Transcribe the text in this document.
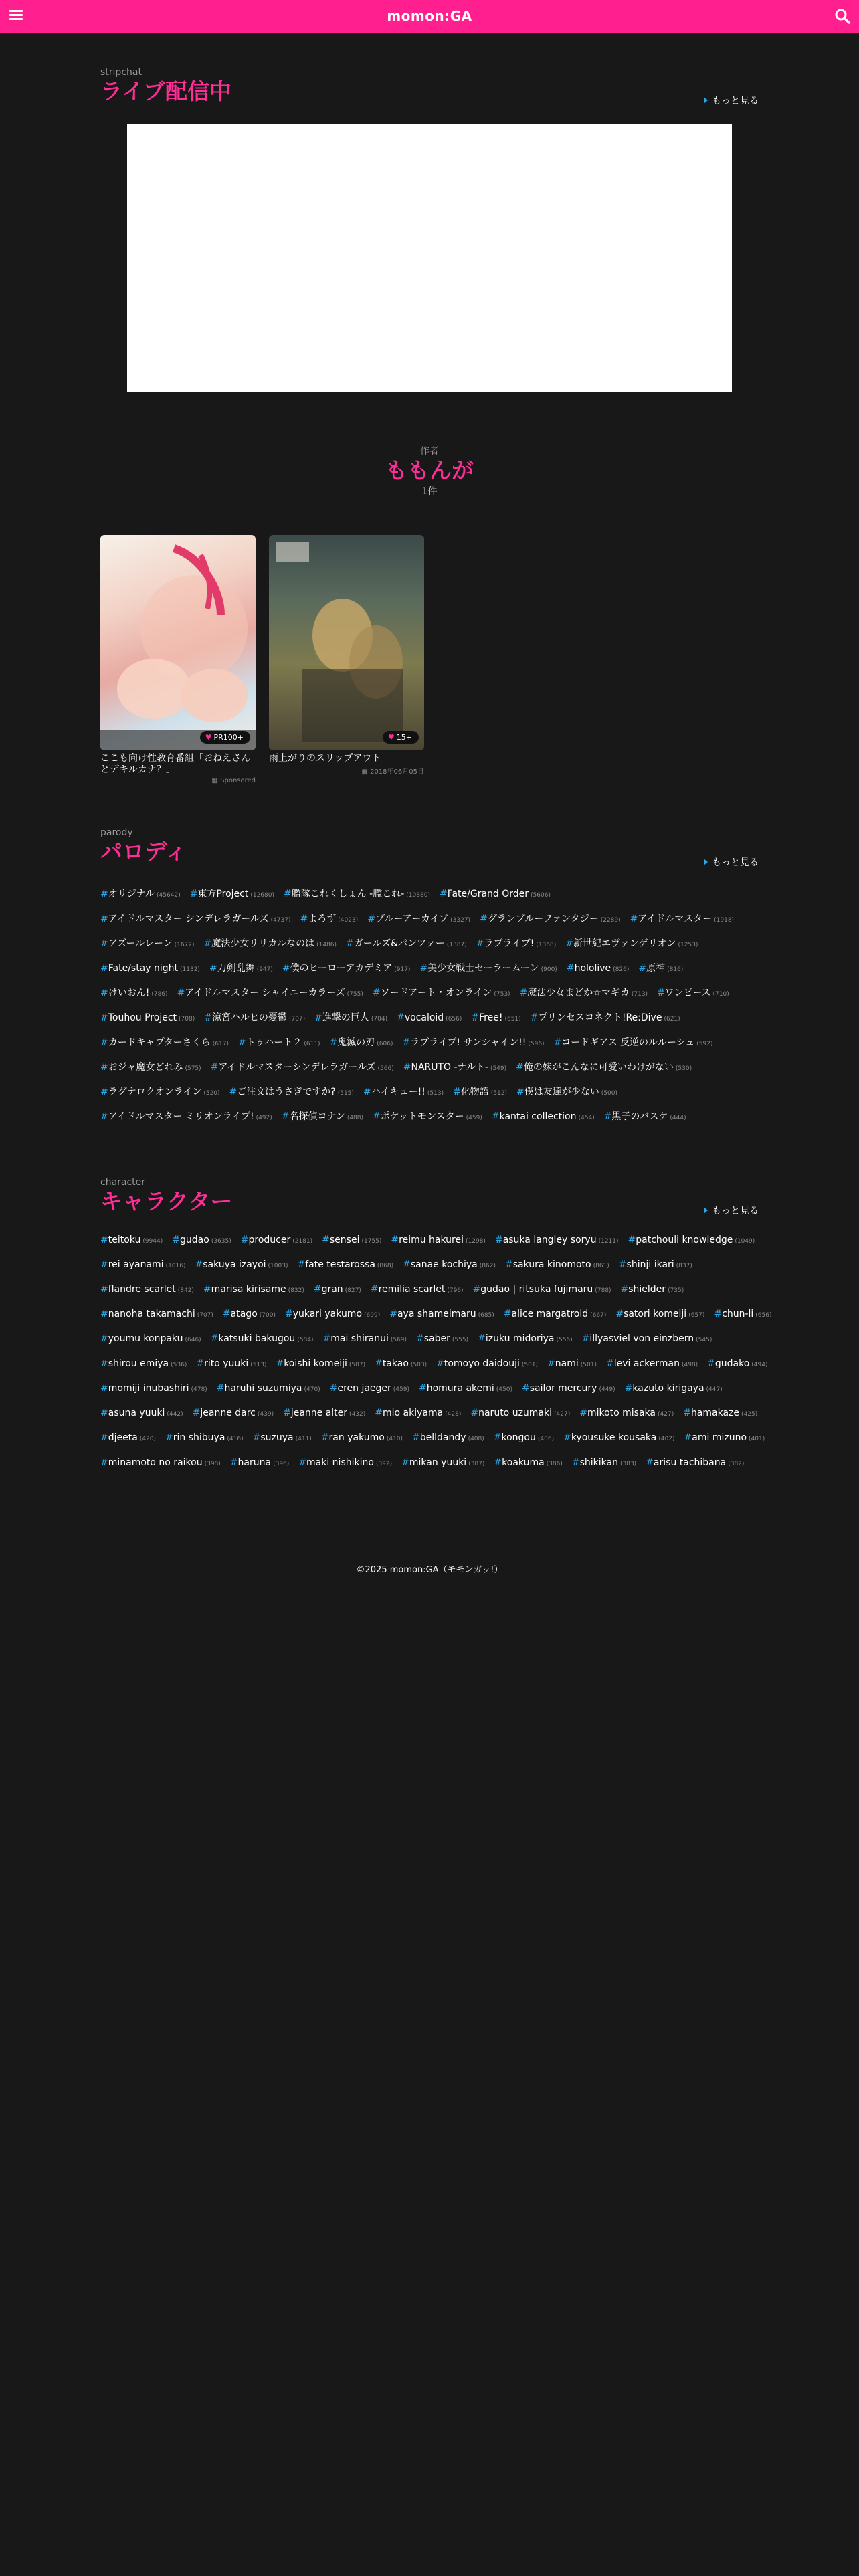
momon:GA
stripchat
ライブ配信中	もっと見る
作者
ももんが
1件
♥ PR100+
ここも向け性教育番組「おねえさんとデキルカナ？」
▦ Sponsored
♥ 15+
雨上がりのスリップアウト
▦ 2018年06月05日
parody
パロディ	もっと見る
#オリジナル (45642) #東方Project (12680) #艦隊これくしょん -艦これ- (10880) #Fate/Grand Order (5606)
#アイドルマスター シンデレラガールズ (4737) #よろず (4023) #ブルーアーカイブ (3327) #グランブルーファンタジー (2289) #アイドルマスター (1918)
#アズールレーン (1672) #魔法少女リリカルなのは (1486) #ガールズ&パンツァー (1387) #ラブライブ! (1368) #新世紀エヴァンゲリオン (1253)
#Fate/stay night (1132) #刀剣乱舞 (947) #僕のヒーローアカデミア (917) #美少女戦士セーラームーン (900) #hololive (826) #原神 (816)
#けいおん! (786) #アイドルマスター シャイニーカラーズ (755) #ソードアート・オンライン (753) #魔法少女まどか☆マギカ (713) #ワンピース (710)
#Touhou Project (708) #涼宮ハルヒの憂鬱 (707) #進撃の巨人 (704) #vocaloid (656) #Free! (651) #プリンセスコネクト!Re:Dive (621)
#カードキャプターさくら (617) #トゥハート２ (611) #鬼滅の刃 (606) #ラブライブ! サンシャイン!! (596) #コードギアス 反逆のルルーシュ (592)
#おジャ魔女どれみ (575) #アイドルマスターシンデレラガールズ (566) #NARUTO -ナルト- (549) #俺の妹がこんなに可愛いわけがない (530)
#ラグナロクオンライン (520) #ご注文はうさぎですか? (515) #ハイキュー!! (513) #化物語 (512) #僕は友達が少ない (500)
#アイドルマスター ミリオンライブ! (492) #名探偵コナン (488) #ポケットモンスター (459) #kantai collection (454) #黒子のバスケ (444)
character
キャラクター	もっと見る
#teitoku (9944) #gudao (3635) #producer (2181) #sensei (1755) #reimu hakurei (1298) #asuka langley soryu (1211) #patchouli knowledge (1049)
#rei ayanami (1016) #sakuya izayoi (1003) #fate testarossa (868) #sanae kochiya (862) #sakura kinomoto (861) #shinji ikari (837)
#flandre scarlet (842) #marisa kirisame (832) #gran (827) #remilia scarlet (796) #gudao | ritsuka fujimaru (788) #shielder (735)
#nanoha takamachi (707) #atago (700) #yukari yakumo (699) #aya shameimaru (685) #alice margatroid (667) #satori komeiji (657) #chun-li (656)
#youmu konpaku (646) #katsuki bakugou (584) #mai shiranui (569) #saber (555) #izuku midoriya (556) #illyasviel von einzbern (545)
#shirou emiya (536) #rito yuuki (513) #koishi komeiji (507) #takao (503) #tomoyo daidouji (501) #nami (501) #levi ackerman (498) #gudako (494)
#momiji inubashiri (478) #haruhi suzumiya (470) #eren jaeger (459) #homura akemi (450) #sailor mercury (449) #kazuto kirigaya (447)
#asuna yuuki (442) #jeanne darc (439) #jeanne alter (432) #mio akiyama (428) #naruto uzumaki (427) #mikoto misaka (427) #hamakaze (425)
#djeeta (420) #rin shibuya (416) #suzuya (411) #ran yakumo (410) #belldandy (408) #kongou (406) #kyousuke kousaka (402) #ami mizuno (401)
#minamoto no raikou (398) #haruna (396) #maki nishikino (392) #mikan yuuki (387) #koakuma (386) #shikikan (383) #arisu tachibana (382)
©2025 momon:GA（モモンガッ!）
